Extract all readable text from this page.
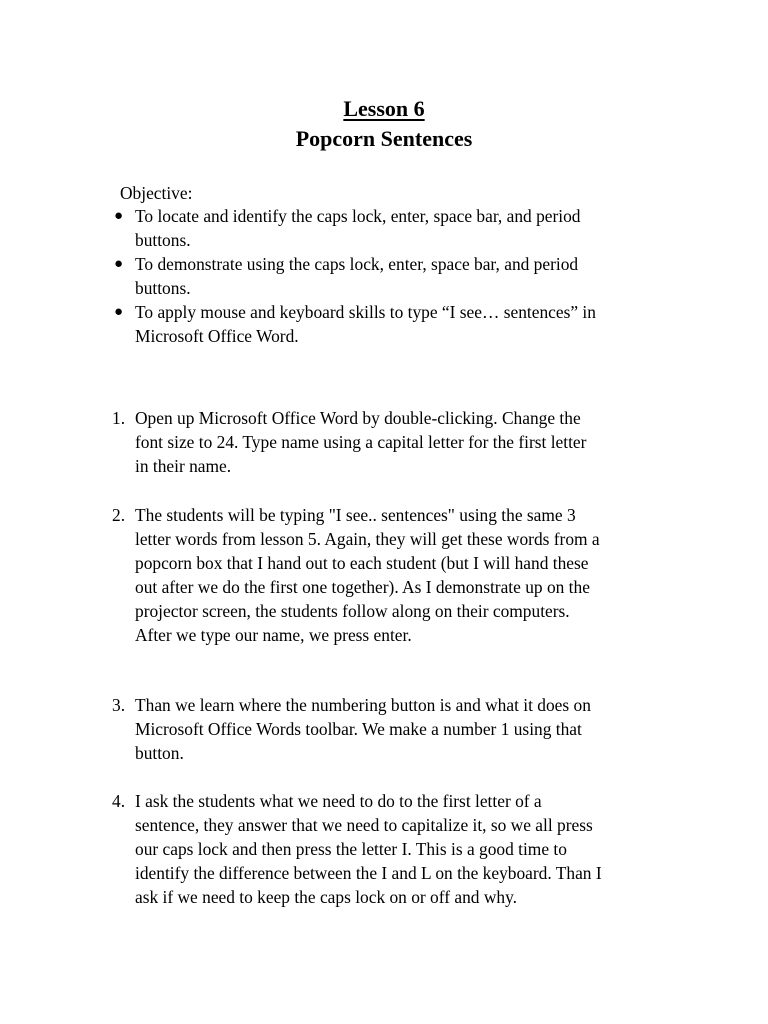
Lesson 6
Popcorn Sentences
Objective:
● To locate and identify the caps lock, enter, space bar, and period
buttons.
● To demonstrate using the caps lock, enter, space bar, and period
buttons.
● To apply mouse and keyboard skills to type “I see… sentences” in
Microsoft Office Word.
1. Open up Microsoft Office Word by double-clicking. Change the
font size to 24. Type name using a capital letter for the first letter
in their name.
2. The students will be typing "I see.. sentences" using the same 3
letter words from lesson 5. Again, they will get these words from a
popcorn box that I hand out to each student (but I will hand these
out after we do the first one together). As I demonstrate up on the
projector screen, the students follow along on their computers.
After we type our name, we press enter.
3. Than we learn where the numbering button is and what it does on
Microsoft Office Words toolbar. We make a number 1 using that
button.
4. I ask the students what we need to do to the first letter of a
sentence, they answer that we need to capitalize it, so we all press
our caps lock and then press the letter I. This is a good time to
identify the difference between the I and L on the keyboard. Than I
ask if we need to keep the caps lock on or off and why.
